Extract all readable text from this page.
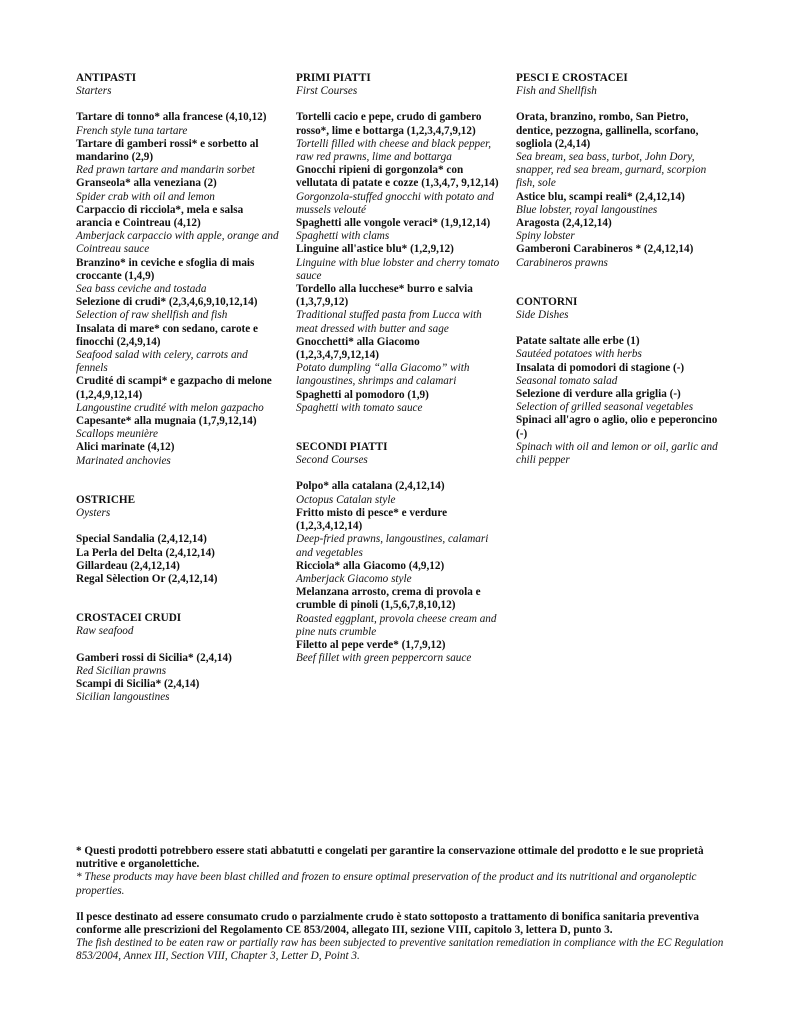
ANTIPASTI
Starters
Tartare di tonno* alla francese (4,10,12)
French style tuna tartare
Tartare di gamberi rossi* e sorbetto al mandarino (2,9)
Red prawn tartare and mandarin sorbet
Granseola* alla veneziana (2)
Spider crab with oil and lemon
Carpaccio di ricciola*, mela e salsa arancia e Cointreau (4,12)
Amberjack carpaccio with apple, orange and Cointreau sauce
Branzino* in ceviche e sfoglia di mais croccante (1,4,9)
Sea bass ceviche and tostada
Selezione di crudi* (2,3,4,6,9,10,12,14)
Selection of raw shellfish and fish
Insalata di mare* con sedano, carote e finocchi (2,4,9,14)
Seafood salad with celery, carrots and fennels
Crudité di scampi* e gazpacho di melone (1,2,4,9,12,14)
Langoustine crudité with melon gazpacho
Capesante* alla mugnaia (1,7,9,12,14)
Scallops meunière
Alici marinate (4,12)
Marinated anchovies
OSTRICHE
Oysters
Special Sandalia (2,4,12,14)
La Perla del Delta (2,4,12,14)
Gillardeau (2,4,12,14)
Regal Sèlection Or (2,4,12,14)
CROSTACEI CRUDI
Raw seafood
Gamberi rossi di Sicilia* (2,4,14)
Red Sicilian prawns
Scampi di Sicilia* (2,4,14)
Sicilian langoustines
PRIMI PIATTI
First Courses
Tortelli cacio e pepe, crudo di gambero rosso*, lime e bottarga (1,2,3,4,7,9,12)
Tortelli filled with cheese and black pepper, raw red prawns, lime and bottarga
Gnocchi ripieni di gorgonzola* con vellutata di patate e cozze (1,3,4,7, 9,12,14)
Gorgonzola-stuffed gnocchi with potato and mussels velouté
Spaghetti alle vongole veraci* (1,9,12,14)
Spaghetti with clams
Linguine all'astice blu* (1,2,9,12)
Linguine with blue lobster and cherry tomato sauce
Tordello alla lucchese* burro e salvia (1,3,7,9,12)
Traditional stuffed pasta from Lucca with meat dressed with butter and sage
Gnocchetti* alla Giacomo (1,2,3,4,7,9,12,14)
Potato dumpling “alla Giacomo” with langoustines, shrimps and calamari
Spaghetti al pomodoro (1,9)
Spaghetti with tomato sauce
SECONDI PIATTI
Second Courses
Polpo* alla catalana (2,4,12,14)
Octopus Catalan style
Fritto misto di pesce* e verdure (1,2,3,4,12,14)
Deep-fried prawns, langoustines, calamari and vegetables
Ricciola* alla Giacomo (4,9,12)
Amberjack Giacomo style
Melanzana arrosto, crema di provola e crumble di pinoli (1,5,6,7,8,10,12)
Roasted eggplant, provola cheese cream and pine nuts crumble
Filetto al pepe verde* (1,7,9,12)
Beef fillet with green peppercorn sauce
PESCI E CROSTACEI
Fish and Shellfish
Orata, branzino, rombo, San Pietro, dentice, pezzogna, gallinella, scorfano, sogliola (2,4,14)
Sea bream, sea bass, turbot, John Dory, snapper, red sea bream, gurnard, scorpion fish, sole
Astice blu, scampi reali* (2,4,12,14)
Blue lobster, royal langoustines
Aragosta (2,4,12,14)
Spiny lobster
Gamberoni Carabineros * (2,4,12,14)
Carabineros prawns
CONTORNI
Side Dishes
Patate saltate alle erbe (1)
Sautéed potatoes with herbs
Insalata di pomodori di stagione (-)
Seasonal tomato salad
Selezione di verdure alla griglia (-)
Selection of grilled seasonal vegetables
Spinaci all'agro o aglio, olio e peperoncino (-)
Spinach with oil and lemon or oil, garlic and chili pepper
* Questi prodotti potrebbero essere stati abbatutti e congelati per garantire la conservazione ottimale del prodotto e le sue proprietà nutritive e organolettiche.
* These products may have been blast chilled and frozen to ensure optimal preservation of the product and its nutritional and organoleptic properties.
Il pesce destinato ad essere consumato crudo o parzialmente crudo è stato sottoposto a trattamento di bonifica sanitaria preventiva conforme alle prescrizioni del Regolamento CE 853/2004, allegato III, sezione VIII, capitolo 3, lettera D, punto 3.
The fish destined to be eaten raw or partially raw has been subjected to preventive sanitation remediation in compliance with the EC Regulation 853/2004, Annex III, Section VIII, Chapter 3, Letter D, Point 3.
